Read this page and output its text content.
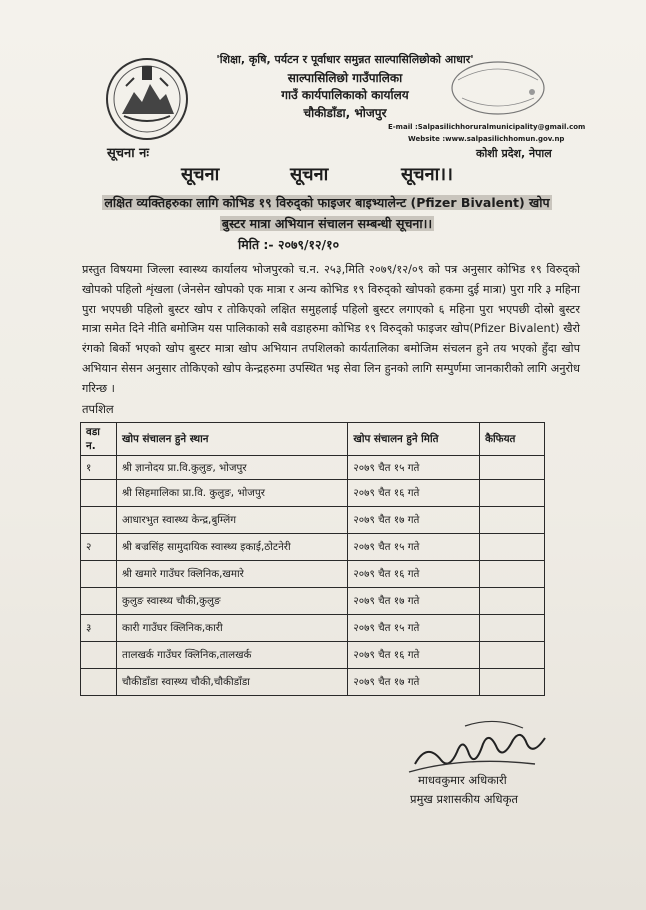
'शिक्षा, कृषि, पर्यटन र पूर्वाधार समुन्नत साल्पासिलिछोको आधार'
साल्पासिलिछो गाउँपालिका
गाउँ कार्यपालिकाको कार्यालय
चौकीडाँडा, भोजपुर
E-mail :Salpasilichhoruralmunicipality@gmail.com
Website :www.salpasilichhomun.gov.np
कोशी प्रदेश, नेपाल
सूचना नः
सूचना	सूचना	सूचना।।
लक्षित व्यक्तिहरुका लागि कोभिड १९ विरुद्को फाइजर बाइभ्यालेन्ट (Pfizer Bivalent) खोप
बुस्टर मात्रा अभियान संचालन सम्बन्धी सूचना।।
मिति :- २०७९/१२/१०
प्रस्तुत विषयमा जिल्ला स्वास्थ्य कार्यालय भोजपुरको च.न. २५३,मिति २०७९/१२/०९ को पत्र अनुसार कोभिड १९ विरुद्को खोपको पहिलो शृंखला (जेनसेन खोपको एक मात्रा र अन्य कोभिड १९ विरुद्को खोपको हकमा दुई मात्रा) पुरा गरि ३ महिना पुरा भएपछी पहिलो बुस्टर खोप र तोकिएको लक्षित समुहलाई पहिलो बुस्टर लगाएको ६ महिना पुरा भएपछी दोस्रो बुस्टर मात्रा समेत दिने नीति बमोजिम यस पालिकाको सबै वडाहरुमा कोभिड १९ विरुद्को फाइजर खोप(Pfizer Bivalent) खैरो रंगको बिर्को भएको खोप बुस्टर मात्रा खोप अभियान तपशिलको कार्यतालिका बमोजिम संचलन हुने तय भएको हुँदा खोप अभियान सेसन अनुसार तोकिएको खोप केन्द्रहरुमा उपस्थित भइ सेवा लिन हुनको लागि सम्पुर्णमा जानकारीको लागि अनुरोध गरिन्छ ।
तपशिल
वडा न.	खोप संचालन हुने स्थान	खोप संचालन हुने मिति	कैफियत
१	श्री ज्ञानोदय प्रा.वि.कुलुङ, भोजपुर	२०७९ चैत १५ गते	
	श्री सिहमालिका प्रा.वि. कुलुङ, भोजपुर	२०७९ चैत १६ गते	
	आधारभुत स्वास्थ्य केन्द्र,बुम्लिंग	२०७९ चैत १७ गते	
२	श्री बज्रसिंह सामुदायिक स्वास्थ्य इकाई,ठोटनेरी	२०७९ चैत १५ गते	
	श्री खमारे गाउँघर क्लिनिक,खमारे	२०७९ चैत १६ गते	
	कुलुङ स्वास्थ्य चौकी,कुलुङ	२०७९ चैत १७ गते	
३	कारी गाउँघर क्लिनिक,कारी	२०७९ चैत १५ गते	
	तालखर्क गाउँघर क्लिनिक,तालखर्क	२०७९ चैत १६ गते	
	चौकीडाँडा स्वास्थ्य चौकी,चौकीडाँडा	२०७९ चैत १७ गते	
माधवकुमार अधिकारी
प्रमुख प्रशासकीय अधिकृत
